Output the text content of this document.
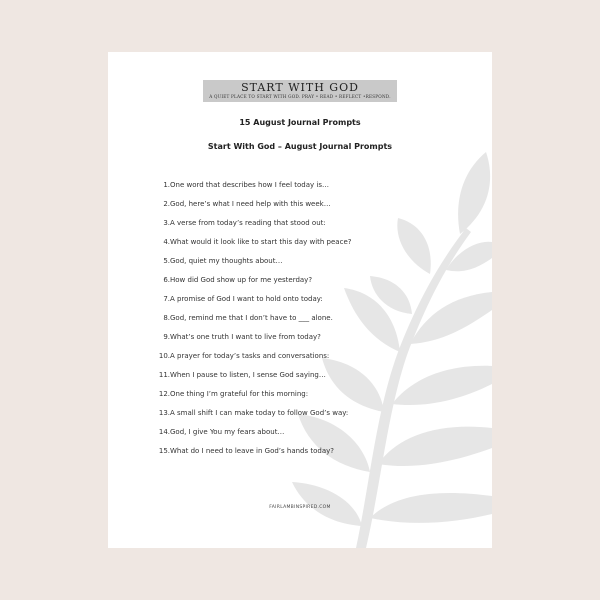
START WITH GOD
A QUIET PLACE TO START WITH GOD. PRAY • READ • REFLECT •RESPOND.
15 August Journal Prompts
Start With God – August Journal Prompts
1. One word that describes how I feel today is…
2. God, here’s what I need help with this week…
3. A verse from today’s reading that stood out:
4. What would it look like to start this day with peace?
5. God, quiet my thoughts about…
6. How did God show up for me yesterday?
7. A promise of God I want to hold onto today:
8. God, remind me that I don’t have to ___ alone.
9. What’s one truth I want to live from today?
10. A prayer for today’s tasks and conversations:
11. When I pause to listen, I sense God saying…
12. One thing I’m grateful for this morning:
13. A small shift I can make today to follow God’s way:
14. God, I give You my fears about…
15. What do I need to leave in God’s hands today?
FAIRLAMBINSPIRED.COM
